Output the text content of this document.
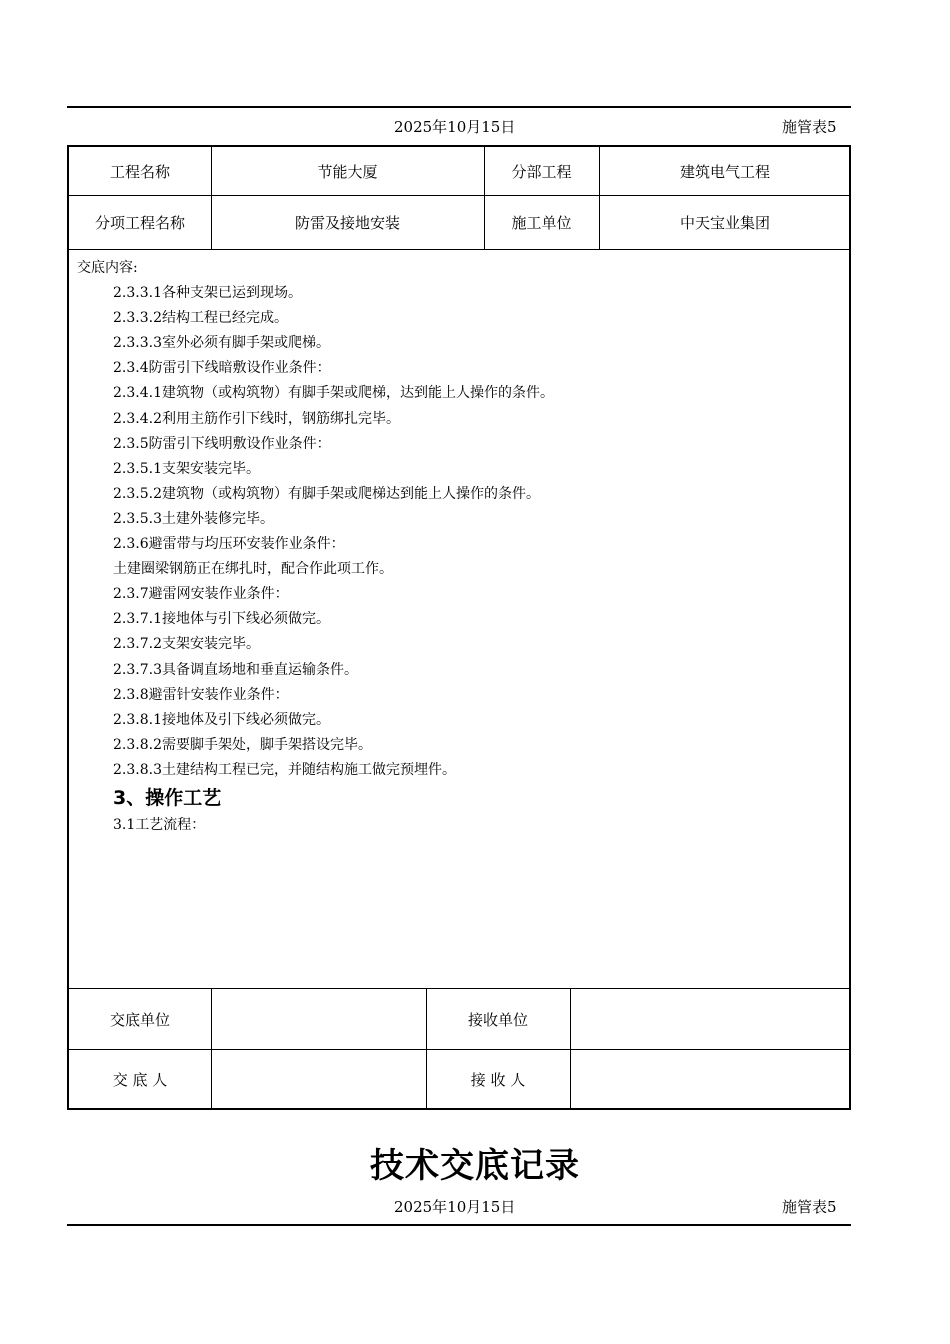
2025年10月15日	施管表5
工程名称	节能大厦	分部工程	建筑电气工程
分项工程名称	防雷及接地安装	施工单位	中天宝业集团
交底内容:
2.3.3.1各种支架已运到现场。
2.3.3.2结构工程已经完成。
2.3.3.3室外必须有脚手架或爬梯。
2.3.4防雷引下线暗敷设作业条件：
2.3.4.1建筑物（或构筑物）有脚手架或爬梯，达到能上人操作的条件。
2.3.4.2利用主筋作引下线时，钢筋绑扎完毕。
2.3.5防雷引下线明敷设作业条件：
2.3.5.1支架安装完毕。
2.3.5.2建筑物（或构筑物）有脚手架或爬梯达到能上人操作的条件。
2.3.5.3土建外装修完毕。
2.3.6避雷带与均压环安装作业条件：
土建圈梁钢筋正在绑扎时，配合作此项工作。
2.3.7避雷网安装作业条件：
2.3.7.1接地体与引下线必须做完。
2.3.7.2支架安装完毕。
2.3.7.3具备调直场地和垂直运输条件。
2.3.8避雷针安装作业条件：
2.3.8.1接地体及引下线必须做完。
2.3.8.2需要脚手架处，脚手架搭设完毕。
2.3.8.3土建结构工程已完，并随结构施工做完预埋件。
3、操作工艺
3.1工艺流程：
交底单位	接收单位
交 底 人	接 收 人
技术交底记录
2025年10月15日	施管表5
